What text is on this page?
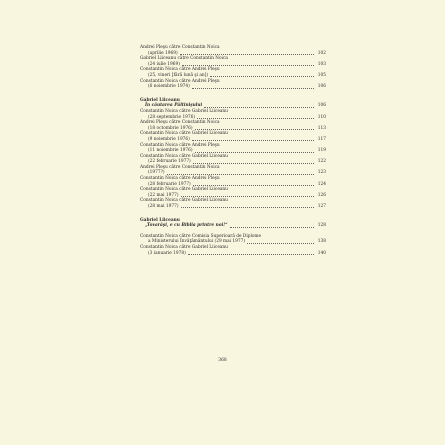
Andrei Pleşu către Constantin Noica
(aprilie 1969)	102
Gabriel Liiceanu către Constantin Noica
(24 iulie 1969)	103
Constantin Noica către Andrei Pleşu
(25, vineri [fără lună şi an])	105
Constantin Noica către Andrei Pleşu
(6 noiembrie 1974)	106
Gabriel Liiceanu
În căutarea Păltinişului	106
Constantin Noica către Gabriel Liiceanu
(28 septembrie 1976)	110
Andrei Pleşu către Constantin Noica
(18 octombrie 1976)	113
Constantin Noica către Gabriel Liiceanu
(9 noiembrie 1976)	117
Constantin Noica către Andrei Pleşu
(11 noiembrie 1976)	119
Constantin Noica către Gabriel Liiceanu
(22 februarie 1977)	122
Andrei Pleşu către Constantin Noica
(1977?)	123
Constantin Noica către Andrei Pleşu
(28 februarie 1977)	124
Constantin Noica către Gabriel Liiceanu
(22 mai 1977)	126
Constantin Noica către Gabriel Liiceanu
(28 mai 1977)	127
Gabriel Liiceanu
„Tovarăşi, e cu Biblia printre noi!“	128
Constantin Noica către Comisia Superioară de Diplome
a Ministerului Învăţământului (29 mai 1977)	138
Constantin Noica către Gabriel Liiceanu
(3 ianuarie 1978)	140
368
